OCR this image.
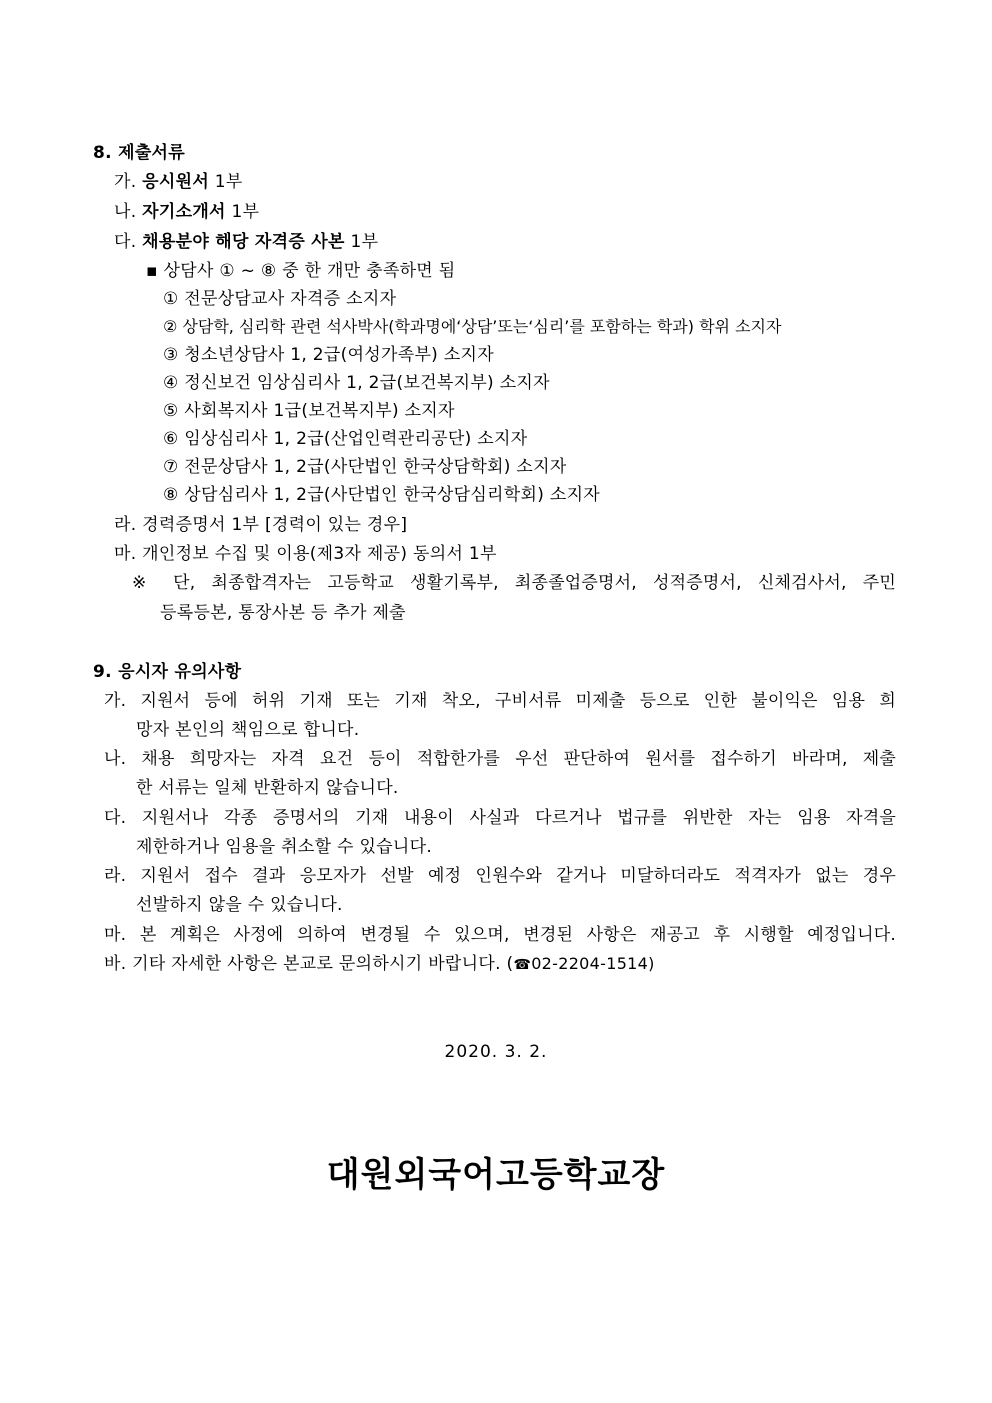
8. 제출서류
가. 응시원서 1부
나. 자기소개서 1부
다. 채용분야 해당 자격증 사본 1부
▪ 상담사 ① ~ ⑧ 중 한 개만 충족하면 됨
① 전문상담교사 자격증 소지자
② 상담학, 심리학 관련 석사박사(학과명에‘상담’또는‘심리’를 포함하는 학과) 학위 소지자
③ 청소년상담사 1, 2급(여성가족부) 소지자
④ 정신보건 임상심리사 1, 2급(보건복지부) 소지자
⑤ 사회복지사 1급(보건복지부) 소지자
⑥ 임상심리사 1, 2급(산업인력관리공단) 소지자
⑦ 전문상담사 1, 2급(사단법인 한국상담학회) 소지자
⑧ 상담심리사 1, 2급(사단법인 한국상담심리학회) 소지자
라. 경력증명서 1부 [경력이 있는 경우]
마. 개인정보 수집 및 이용(제3자 제공) 동의서 1부
※ 단, 최종합격자는 고등학교 생활기록부, 최종졸업증명서, 성적증명서, 신체검사서, 주민
등록등본, 통장사본 등 추가 제출
9. 응시자 유의사항
가. 지원서 등에 허위 기재 또는 기재 착오, 구비서류 미제출 등으로 인한 불이익은 임용 희
망자 본인의 책임으로 합니다.
나. 채용 희망자는 자격 요건 등이 적합한가를 우선 판단하여 원서를 접수하기 바라며, 제출
한 서류는 일체 반환하지 않습니다.
다. 지원서나 각종 증명서의 기재 내용이 사실과 다르거나 법규를 위반한 자는 임용 자격을
제한하거나 임용을 취소할 수 있습니다.
라. 지원서 접수 결과 응모자가 선발 예정 인원수와 같거나 미달하더라도 적격자가 없는 경우
선발하지 않을 수 있습니다.
마. 본 계획은 사정에 의하여 변경될 수 있으며, 변경된 사항은 재공고 후 시행할 예정입니다.
바. 기타 자세한 사항은 본교로 문의하시기 바랍니다. (☎02-2204-1514)
2020. 3. 2.
대원외국어고등학교장
